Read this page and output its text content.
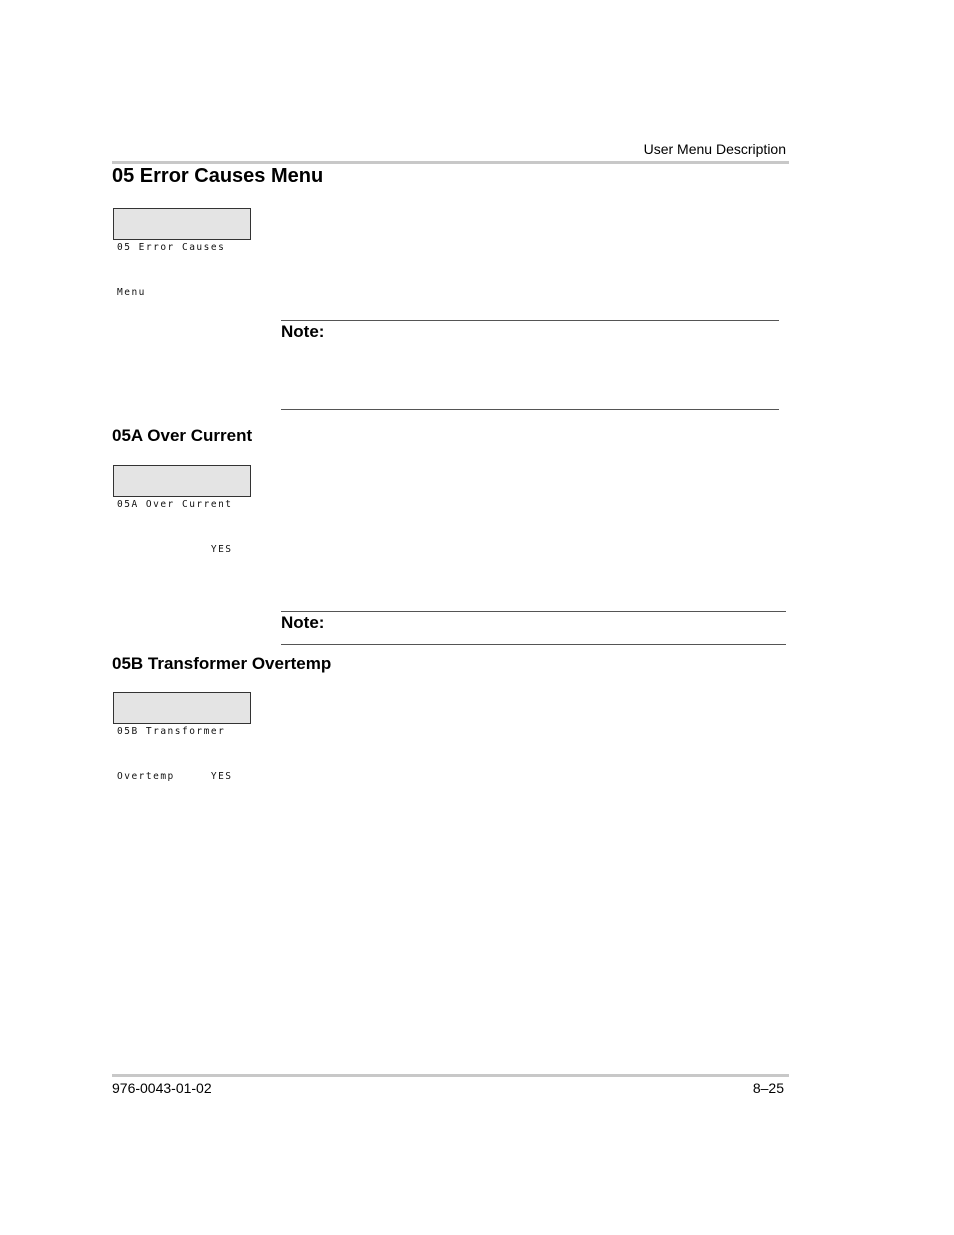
User Menu Description
05 Error Causes Menu

05 Error Causes

Menu

Note:
05A Over Current

05A Over Current

YES

Note:
05B Transformer Overtemp

05B Transformer

Overtemp     YES

976-0043-01-02	8–25
